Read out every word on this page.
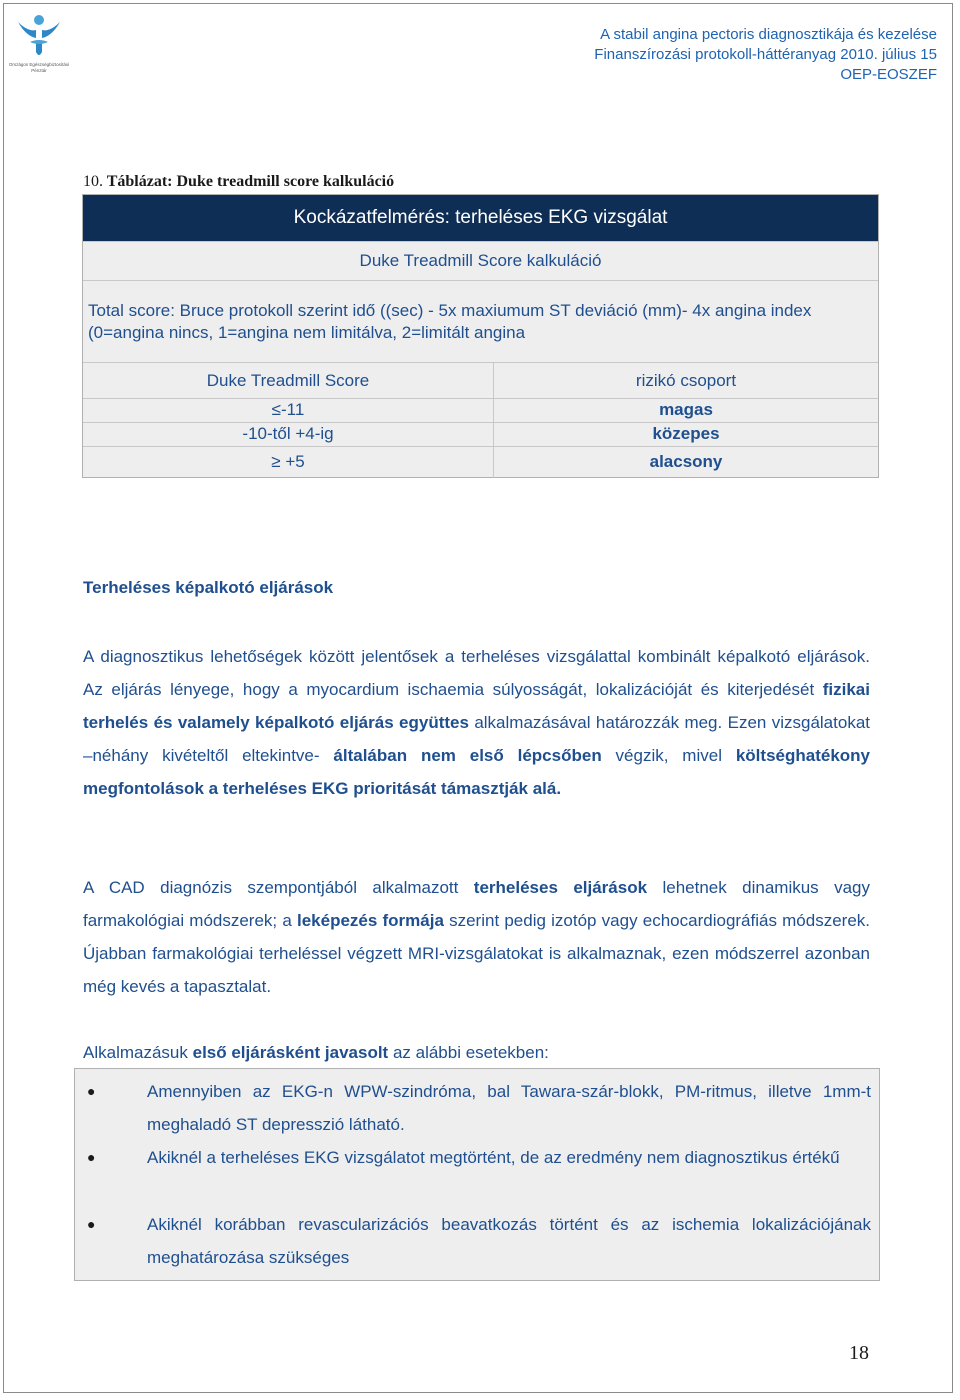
Országos Egészségbiztosítási Pénztár
A stabil angina pectoris diagnosztikája és kezelése
Finanszírozási protokoll-háttéranyag 2010. július 15
OEP-EOSZEF
10. Táblázat: Duke treadmill score kalkuláció
Kockázatfelmérés: terheléses EKG vizsgálat
Duke Treadmill Score kalkuláció
Total score: Bruce protokoll szerint idő ((sec) - 5x maxiumum ST deviáció (mm)- 4x angina index (0=angina nincs, 1=angina nem limitálva, 2=limitált angina
Duke Treadmill Score	rizikó csoport
≤-11	magas
-10-től +4-ig	közepes
≥ +5	alacsony
Terheléses képalkotó eljárások
A diagnosztikus lehetőségek között jelentősek a terheléses vizsgálattal kombinált képalkotó eljárások. Az eljárás lényege, hogy a myocardium ischaemia súlyosságát, lokalizációját és kiterjedését fizikai terhelés és valamely képalkotó eljárás együttes alkalmazásával határozzák meg. Ezen vizsgálatokat –néhány kivételtől eltekintve- általában nem első lépcsőben végzik, mivel költséghatékony megfontolások a terheléses EKG prioritását támasztják alá.
A CAD diagnózis szempontjából alkalmazott terheléses eljárások lehetnek dinamikus vagy farmakológiai módszerek; a leképezés formája szerint pedig izotóp vagy echocardiográfiás módszerek. Újabban farmakológiai terheléssel végzett MRI-vizsgálatokat is alkalmaznak, ezen módszerrel azonban még kevés a tapasztalat.
Alkalmazásuk első eljárásként javasolt az alábbi esetekben:
●	Amennyiben az EKG-n WPW-szindróma, bal Tawara-szár-blokk, PM-ritmus, illetve 1mm-t meghaladó ST depresszió látható.
●	Akiknél a terheléses EKG vizsgálatot megtörtént, de az eredmény nem diagnosztikus értékű
●	Akiknél korábban revascularizációs beavatkozás történt és az ischemia lokalizációjának meghatározása szükséges
18
